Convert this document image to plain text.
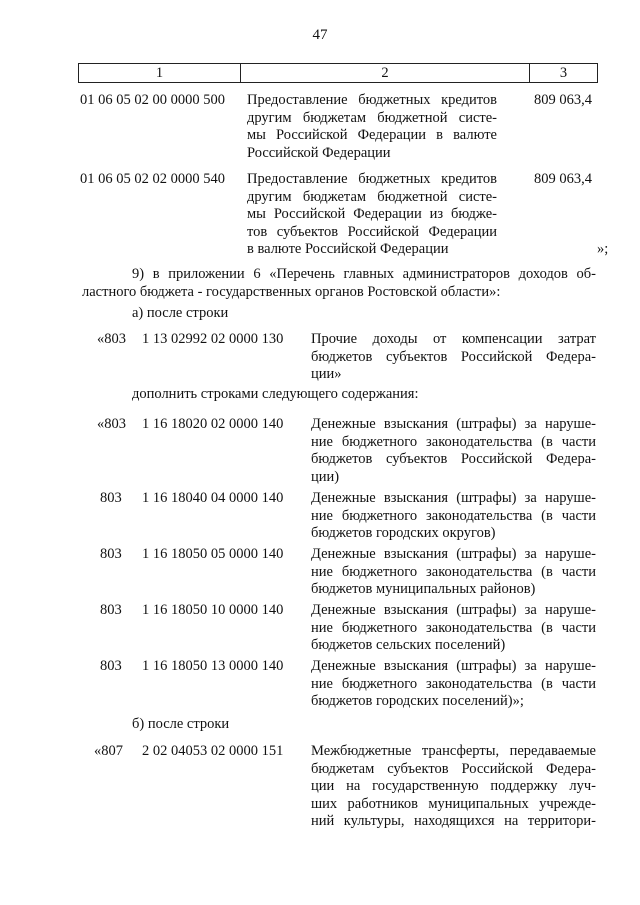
47
1	2	3
01 06 05 02 00 0000 500 Предоставление бюджетных кредитов
другим бюджетам бюджетной систе-
мы Российской Федерации в валюте
Российской Федерации
809 063,4
01 06 05 02 02 0000 540 Предоставление бюджетных кредитов
другим бюджетам бюджетной систе-
мы Российской Федерации из бюдже-
тов субъектов Российской Федерации
в валюте Российской Федерации
809 063,4
»;
9) в приложении 6 «Перечень главных администраторов доходов об-
ластного бюджета - государственных органов Ростовской области»:
а) после строки
«803 1 13 02992 02 0000 130 Прочие доходы от компенсации затрат
бюджетов субъектов Российской Федера-
ции»
дополнить строками следующего содержания:
«803 1 16 18020 02 0000 140 Денежные взыскания (штрафы) за наруше-
ние бюджетного законодательства (в части
бюджетов субъектов Российской Федера-
ции)
803 1 16 18040 04 0000 140 Денежные взыскания (штрафы) за наруше-
ние бюджетного законодательства (в части
бюджетов городских округов)
803 1 16 18050 05 0000 140 Денежные взыскания (штрафы) за наруше-
ние бюджетного законодательства (в части
бюджетов муниципальных районов)
803 1 16 18050 10 0000 140 Денежные взыскания (штрафы) за наруше-
ние бюджетного законодательства (в части
бюджетов сельских поселений)
803 1 16 18050 13 0000 140 Денежные взыскания (штрафы) за наруше-
ние бюджетного законодательства (в части
бюджетов городских поселений)»;
б) после строки
«807 2 02 04053 02 0000 151 Межбюджетные трансферты, передаваемые
бюджетам субъектов Российской Федера-
ции на государственную поддержку луч-
ших работников муниципальных учрежде-
ний культуры, находящихся на территори-
